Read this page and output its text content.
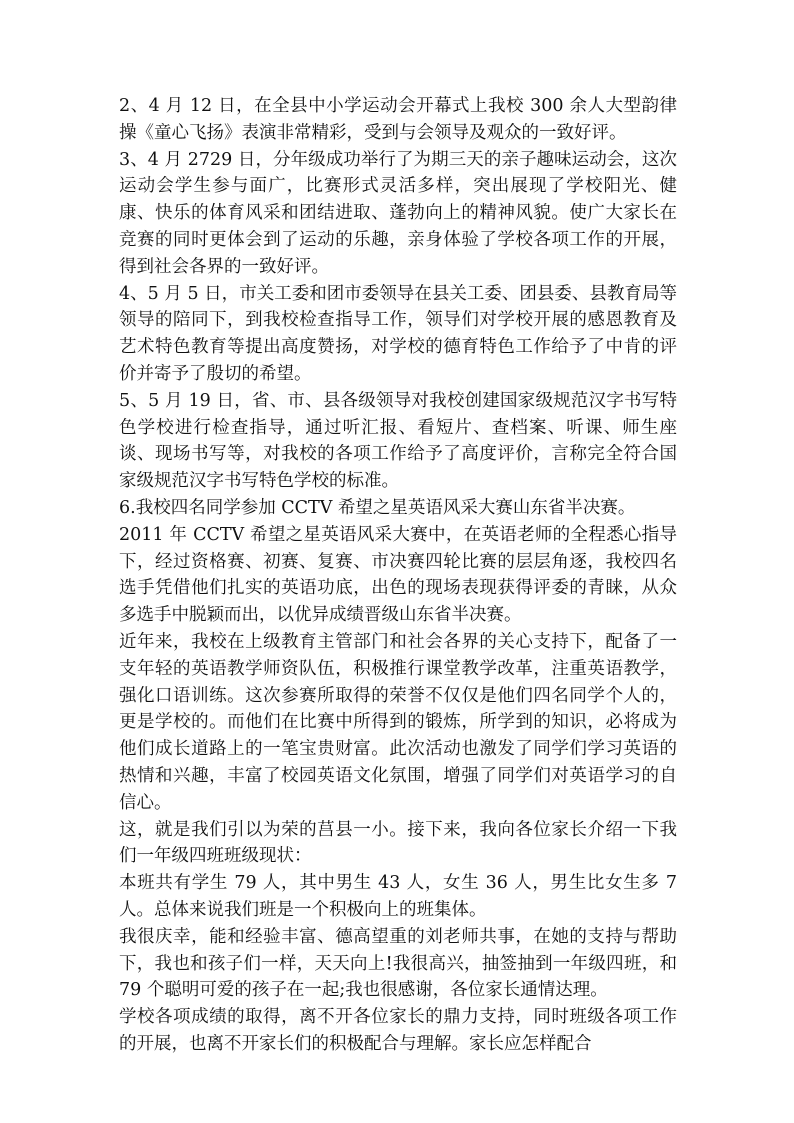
2、4 月 12 日，在全县中小学运动会开幕式上我校 300 余人大型韵律操《童心飞扬》表演非常精彩，受到与会领导及观众的一致好评。

3、4 月 2729 日，分年级成功举行了为期三天的亲子趣味运动会，这次运动会学生参与面广，比赛形式灵活多样，突出展现了学校阳光、健康、快乐的体育风采和团结进取、蓬勃向上的精神风貌。使广大家长在竞赛的同时更体会到了运动的乐趣，亲身体验了学校各项工作的开展，得到社会各界的一致好评。

4、5 月 5 日，市关工委和团市委领导在县关工委、团县委、县教育局等领导的陪同下，到我校检查指导工作，领导们对学校开展的感恩教育及艺术特色教育等提出高度赞扬，对学校的德育特色工作给予了中肯的评价并寄予了殷切的希望。

5、5 月 19 日，省、市、县各级领导对我校创建国家级规范汉字书写特色学校进行检查指导，通过听汇报、看短片、查档案、听课、师生座谈、现场书写等，对我校的各项工作给予了高度评价，言称完全符合国家级规范汉字书写特色学校的标准。

6.我校四名同学参加 CCTV 希望之星英语风采大赛山东省半决赛。

2011 年 CCTV 希望之星英语风采大赛中，在英语老师的全程悉心指导下，经过资格赛、初赛、复赛、市决赛四轮比赛的层层角逐，我校四名选手凭借他们扎实的英语功底，出色的现场表现获得评委的青睐，从众多选手中脱颖而出，以优异成绩晋级山东省半决赛。

近年来，我校在上级教育主管部门和社会各界的关心支持下，配备了一支年轻的英语教学师资队伍，积极推行课堂教学改革，注重英语教学，强化口语训练。这次参赛所取得的荣誉不仅仅是他们四名同学个人的，更是学校的。而他们在比赛中所得到的锻炼，所学到的知识，必将成为他们成长道路上的一笔宝贵财富。此次活动也激发了同学们学习英语的热情和兴趣，丰富了校园英语文化氛围，增强了同学们对英语学习的自信心。

这，就是我们引以为荣的莒县一小。接下来，我向各位家长介绍一下我们一年级四班班级现状：

本班共有学生 79 人，其中男生 43 人，女生 36 人，男生比女生多 7 人。总体来说我们班是一个积极向上的班集体。

我很庆幸，能和经验丰富、德高望重的刘老师共事，在她的支持与帮助下，我也和孩子们一样，天天向上!我很高兴，抽签抽到一年级四班，和 79 个聪明可爱的孩子在一起;我也很感谢，各位家长通情达理。

学校各项成绩的取得，离不开各位家长的鼎力支持，同时班级各项工作的开展，也离不开家长们的积极配合与理解。家长应怎样配合
